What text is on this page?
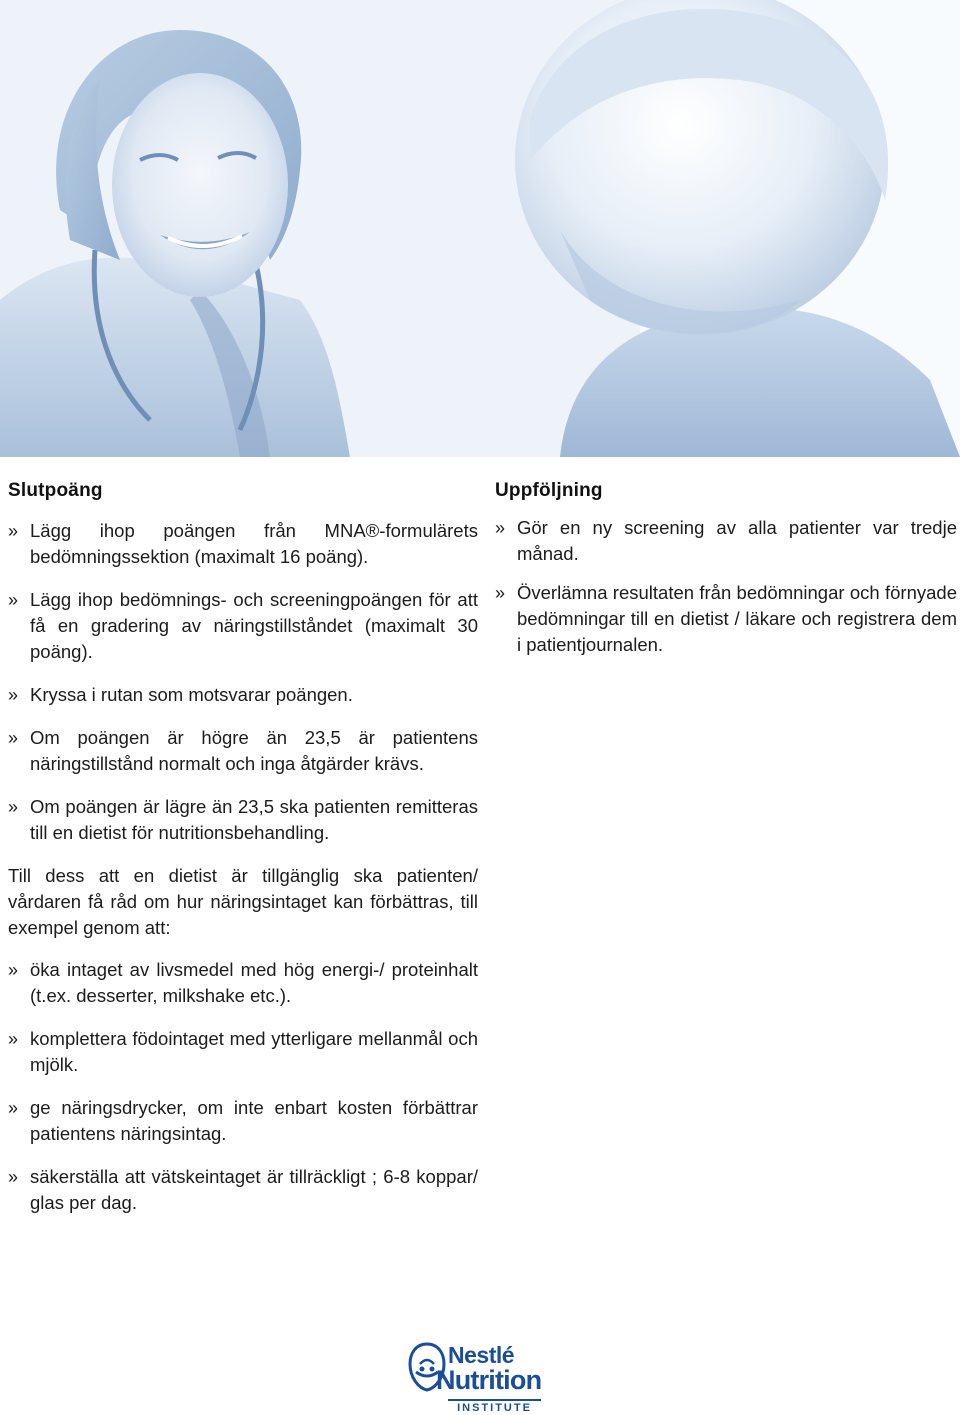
Slutpoäng
» Lägg ihop poängen från MNA®-formulärets bedömningssektion (maximalt 16 poäng).
» Lägg ihop bedömnings- och screeningpoängen för att få en gradering av näringstillståndet (maximalt 30 poäng).
» Kryssa i rutan som motsvarar poängen.
» Om poängen är högre än 23,5 är patientens näringstillstånd normalt och inga åtgärder krävs.
» Om poängen är lägre än 23,5 ska patienten remitteras till en dietist för nutritionsbehandling.

Till dess att en dietist är tillgänglig ska patienten/ vårdaren få råd om hur näringsintaget kan förbättras, till exempel genom att:

» öka intaget av livsmedel med hög energi-/ proteinhalt (t.ex. desserter, milkshake etc.).
» komplettera födointaget med ytterligare mellanmål och mjölk.
» ge näringsdrycker, om inte enbart kosten förbättrar patientens näringsintag.
» säkerställa att vätskeintaget är tillräckligt ; 6-8 koppar/ glas per dag.
Uppföljning
» Gör en ny screening av alla patienter var tredje månad.
» Överlämna resultaten från bedömningar och förnyade bedömningar till en dietist / läkare och registrera dem i patientjournalen.
Nestlé
Nutrition
INSTITUTE
